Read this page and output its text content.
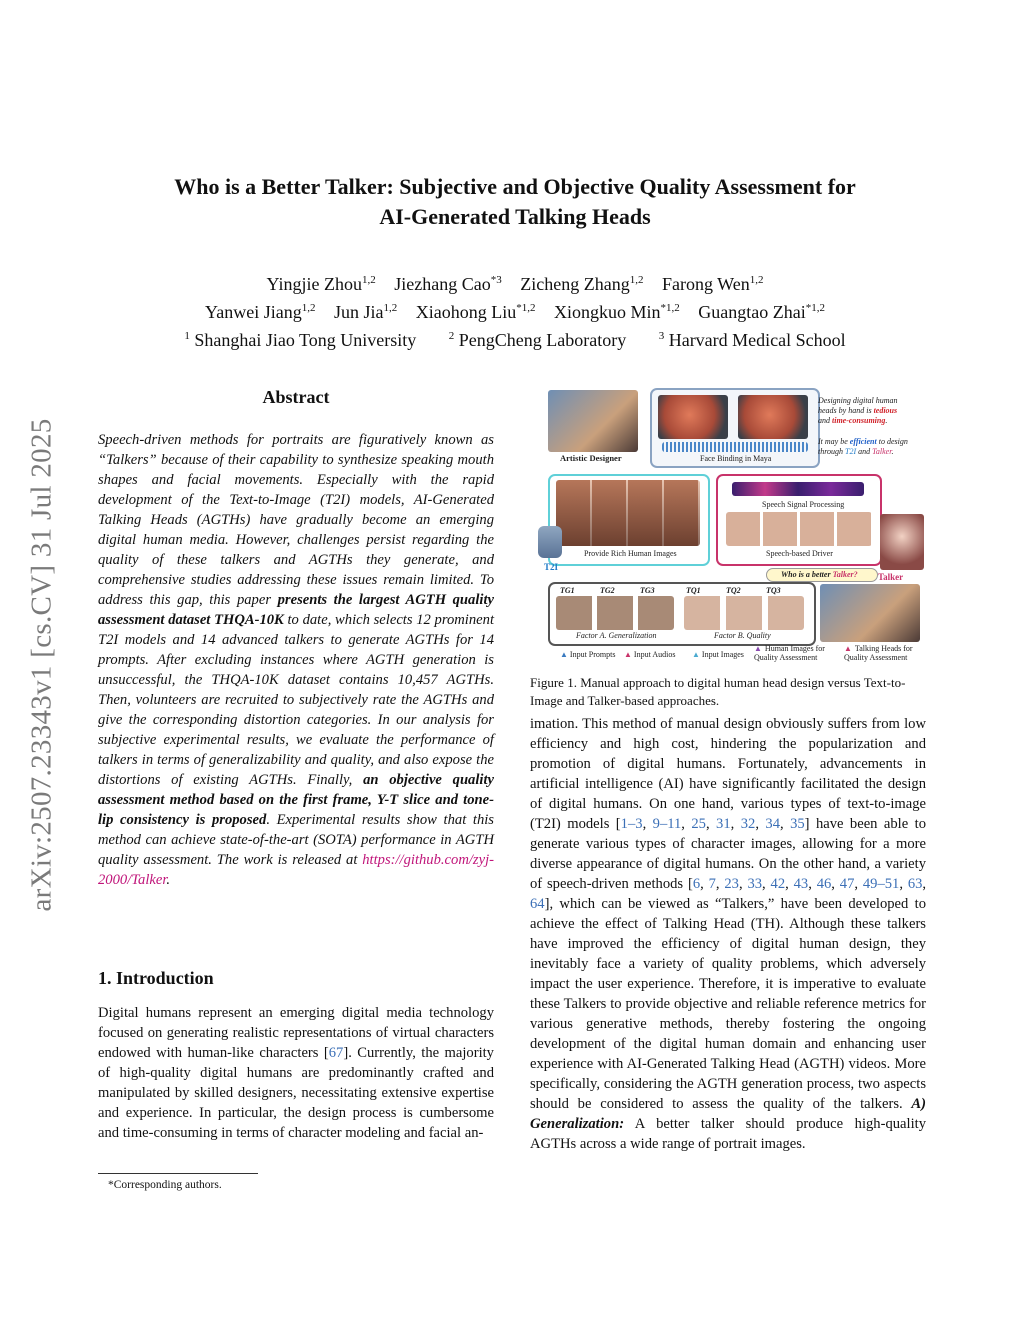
arXiv:2507.23343v1 [cs.CV] 31 Jul 2025
Who is a Better Talker: Subjective and Objective Quality Assessment for
AI-Generated Talking Heads
Yingjie Zhou$^{1,2}$ Jiezhang Cao$^{*3}$ Zicheng Zhang$^{1,2}$ Farong Wen$^{1,2}$
Yanwei Jiang$^{1,2}$ Jun Jia$^{1,2}$ Xiaohong Liu$^{*1,2}$ Xiongkuo Min$^{*1,2}$ Guangtao Zhai$^{*1,2}$
$^1$ Shanghai Jiao Tong University	$^2$ PengCheng Laboratory	$^3$ Harvard Medical School
Abstract
Speech-driven methods for portraits are figuratively known as “Talkers” because of their capability to synthesize speaking mouth shapes and facial movements. Especially with the rapid development of the Text-to-Image (T2I) models, AI-Generated Talking Heads (AGTHs) have gradually become an emerging digital human media. However, challenges persist regarding the quality of these talkers and AGTHs they generate, and comprehensive studies addressing these issues remain limited. To address this gap, this paper presents the largest AGTH quality assessment dataset THQA-10K to date, which selects 12 prominent T2I models and 14 advanced talkers to generate AGTHs for 14 prompts. After excluding instances where AGTH generation is unsuccessful, the THQA-10K dataset contains 10,457 AGTHs. Then, volunteers are recruited to subjectively rate the AGTHs and give the corresponding distortion categories. In our analysis for subjective experimental results, we evaluate the performance of talkers in terms of generalizability and quality, and also expose the distortions of existing AGTHs. Finally, an objective quality assessment method based on the first frame, Y-T slice and tone-lip consistency is proposed. Experimental results show that this method can achieve state-of-the-art (SOTA) performance in AGTH quality assessment. The work is released at https://github.com/zyj-2000/Talker.
1. Introduction
Digital humans represent an emerging digital media technology focused on generating realistic representations of virtual characters endowed with human-like characters [67]. Currently, the majority of high-quality digital humans are predominantly crafted and manipulated by skilled designers, necessitating extensive expertise and experience. In particular, the design process is cumbersome and time-consuming in terms of character modeling and facial an-
*Corresponding authors.
Artistic Designer	Face Binding in Maya
Designing digital human
heads by hand is tedious
and time-consuming.
It may be efficient to design
through T2I and Talker.
Provide Rich Human Images
T2I
Speech Signal Processing
Speech-based Driver
Talker
Who is a better Talker?
TG1	TG2	TG3	TQ1	TQ2	TQ3
Factor A. Generalization	Factor B. Quality
▲ Input Prompts ▲ Input Audios ▲ Input Images
▲ Human Images for
Quality Assessment
▲ Talking Heads for
Quality Assessment
Figure 1. Manual approach to digital human head design versus Text-to-Image and Talker-based approaches.
imation. This method of manual design obviously suffers from low efficiency and high cost, hindering the popularization and promotion of digital humans. Fortunately, advancements in artificial intelligence (AI) have significantly facilitated the design of digital humans. On one hand, various types of text-to-image (T2I) models [1–3, 9–11, 25, 31, 32, 34, 35] have been able to generate various types of character images, allowing for a more diverse appearance of digital humans. On the other hand, a variety of speech-driven methods [6, 7, 23, 33, 42, 43, 46, 47, 49–51, 63, 64], which can be viewed as “Talkers,” have been developed to achieve the effect of Talking Head (TH). Although these talkers have improved the efficiency of digital human design, they inevitably face a variety of quality problems, which adversely impact the user experience. Therefore, it is imperative to evaluate these Talkers to provide objective and reliable reference metrics for various generative methods, thereby fostering the ongoing development of the digital human domain and enhancing user experience with AI-Generated Talking Head (AGTH) videos. More specifically, considering the AGTH generation process, two aspects should be considered to assess the quality of the talkers. A) Generalization: A better talker should produce high-quality AGTHs across a wide range of portrait images.
